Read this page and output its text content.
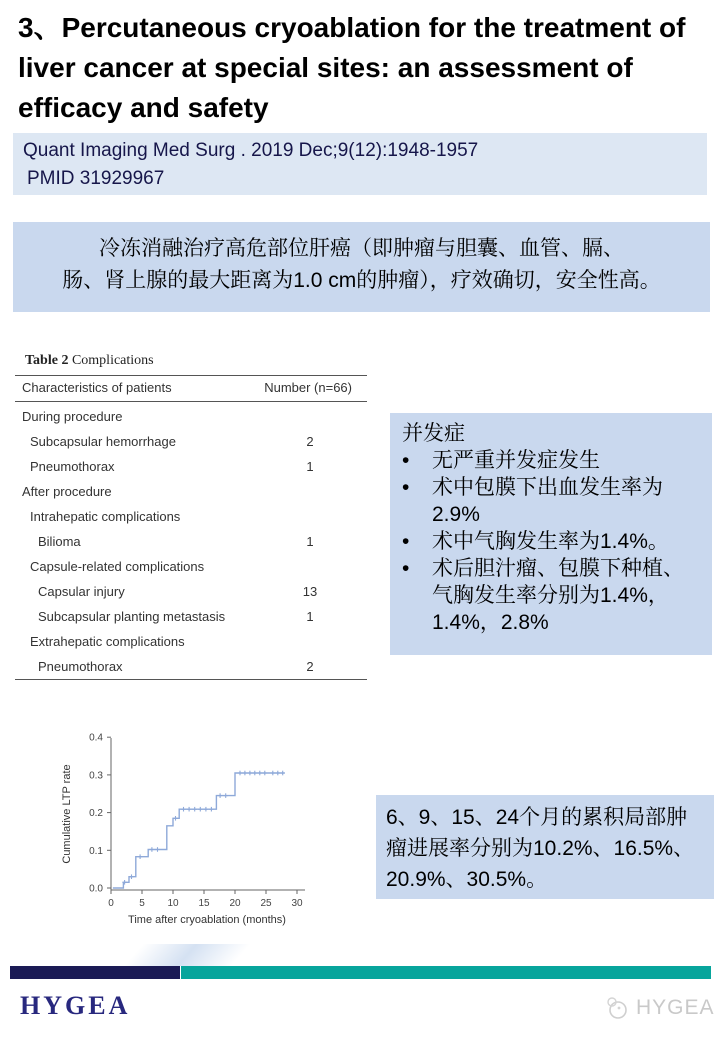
3、Percutaneous cryoablation for the treatment of liver cancer at special sites: an assessment of efficacy and safety
Quant Imaging Med Surg . 2019 Dec;9(12):1948-1957
PMID 31929967
冷冻消融治疗高危部位肝癌（即肿瘤与胆囊、血管、膈、
肠、肾上腺的最大距离为1.0 cm的肿瘤），疗效确切，安全性高。
Table 2 Complications
Characteristics of patients	Number (n=66)
During procedure
Subcapsular hemorrhage	2
Pneumothorax	1
After procedure
Intrahepatic complications
Bilioma	1
Capsule-related complications
Capsular injury	13
Subcapsular planting metastasis	1
Extrahepatic complications
Pneumothorax	2
并发症
•	无严重并发症发生
•	术中包膜下出血发生率为2.9%
•	术中气胸发生率为1.4%。
•	术后胆汁瘤、包膜下种植、气胸发生率分别为1.4%，1.4%，2.8%
0	5 10 15 20 25 30
0.0
0.1
0.2
0.3
0.4
Time after cryoablation (months)
Cumulative LTP rate	6、9、15、24个月的累积局部肿瘤进展率分别为10.2%、16.5%、20.9%、30.5%。
HYGEA	HYGEA
